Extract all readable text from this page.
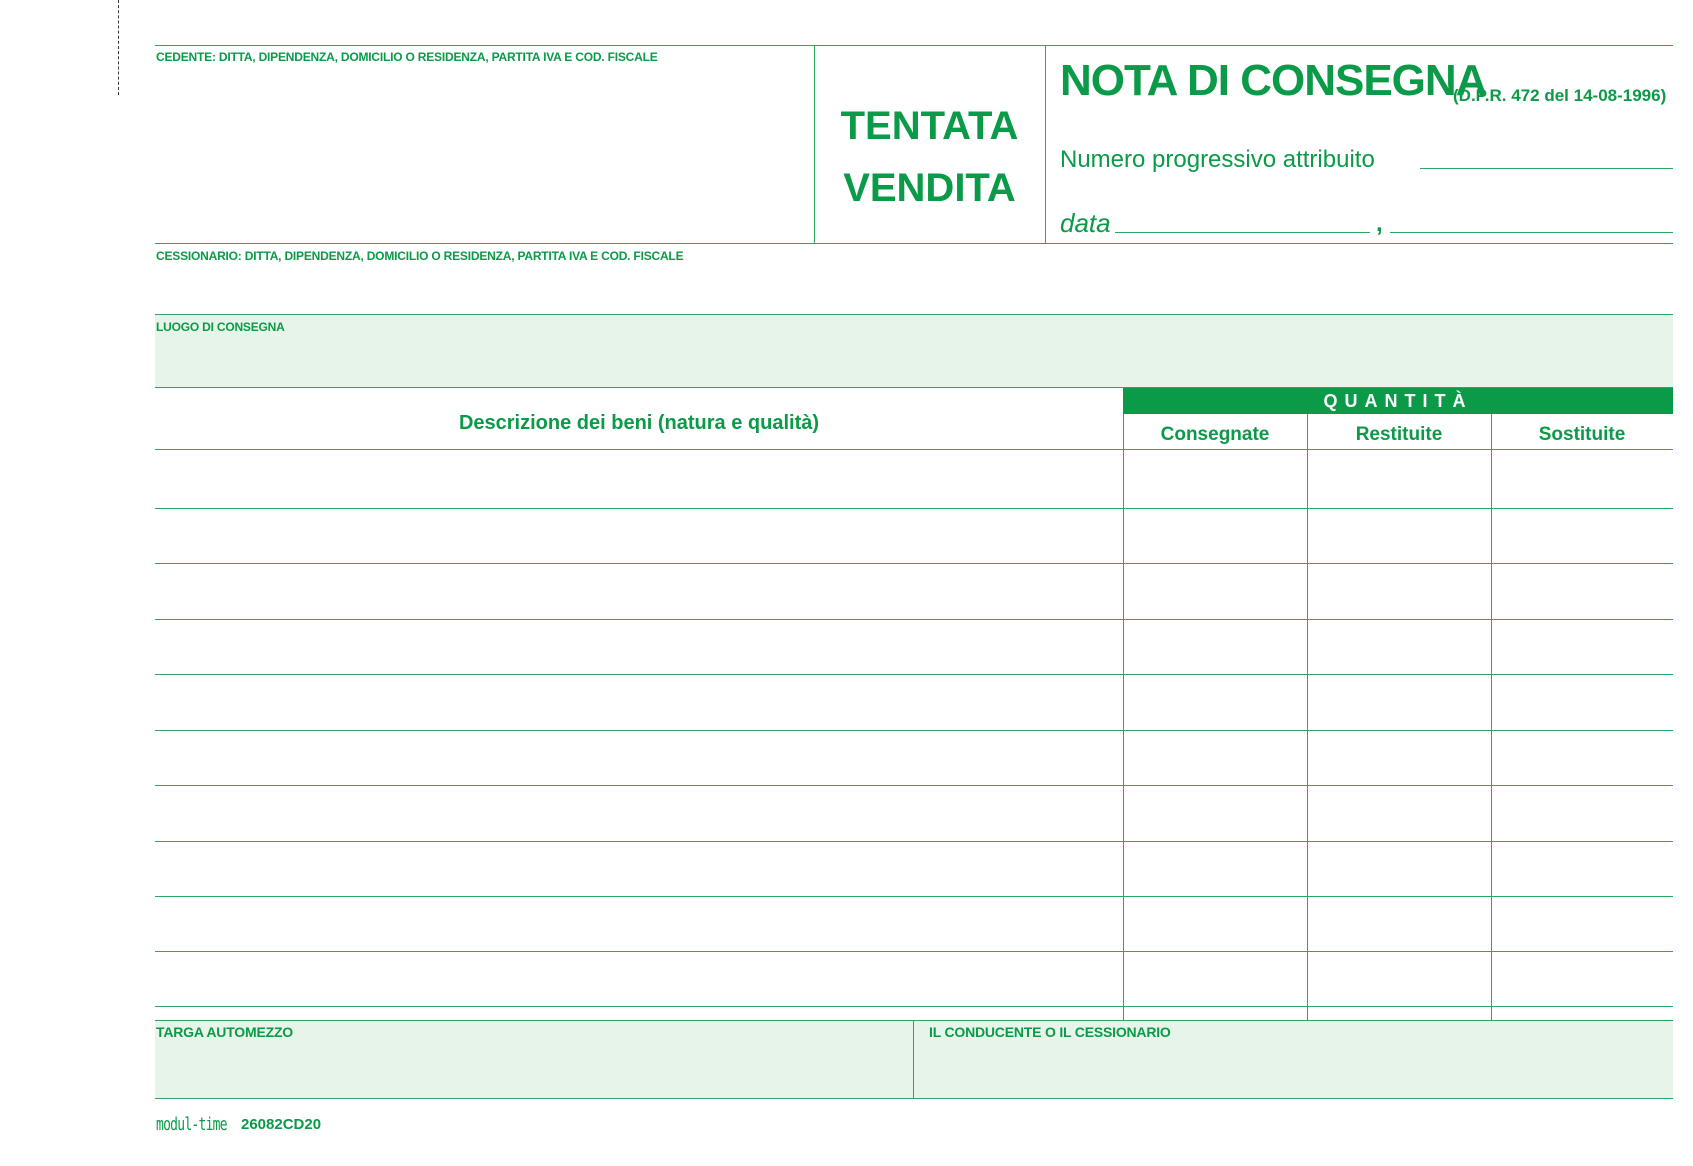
CEDENTE: DITTA, DIPENDENZA, DOMICILIO O RESIDENZA, PARTITA IVA E COD. FISCALE
TENTATA
VENDITA
NOTA DI CONSEGNA
(D.P.R. 472 del 14-08-1996)
Numero progressivo attribuito
data	,
CESSIONARIO: DITTA, DIPENDENZA, DOMICILIO O RESIDENZA, PARTITA IVA E COD. FISCALE
LUOGO DI CONSEGNA
Descrizione dei beni (natura e qualità)
QUANTITÀ
Consegnate	Restituite	Sostituite
TARGA AUTOMEZZO	IL CONDUCENTE O IL CESSIONARIO
modul-time 26082CD20
